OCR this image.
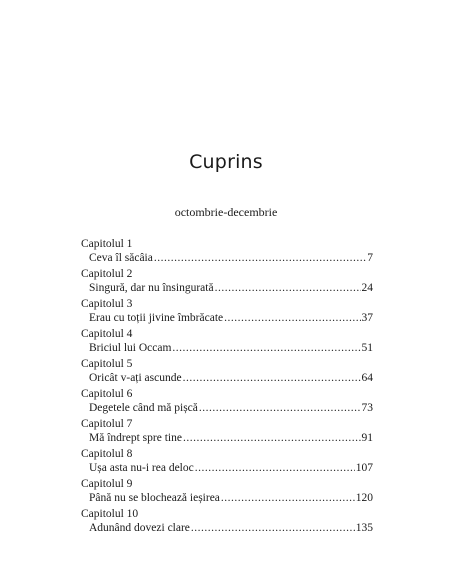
Cuprins
octombrie-decembrie
Capitolul 1
Ceva îl săcâia .....	7
Capitolul 2
Singură, dar nu însingurată .....	24
Capitolul 3
Erau cu toții jivine îmbrăcate .....	37
Capitolul 4
Briciul lui Occam .....	51
Capitolul 5
Oricât v-ați ascunde .....	64
Capitolul 6
Degetele când mă pișcă .....	73
Capitolul 7
Mă îndrept spre tine .....	91
Capitolul 8
Ușa asta nu-i rea deloc .....	107
Capitolul 9
Până nu se blochează ieșirea .....	120
Capitolul 10
Adunând dovezi clare .....	135
